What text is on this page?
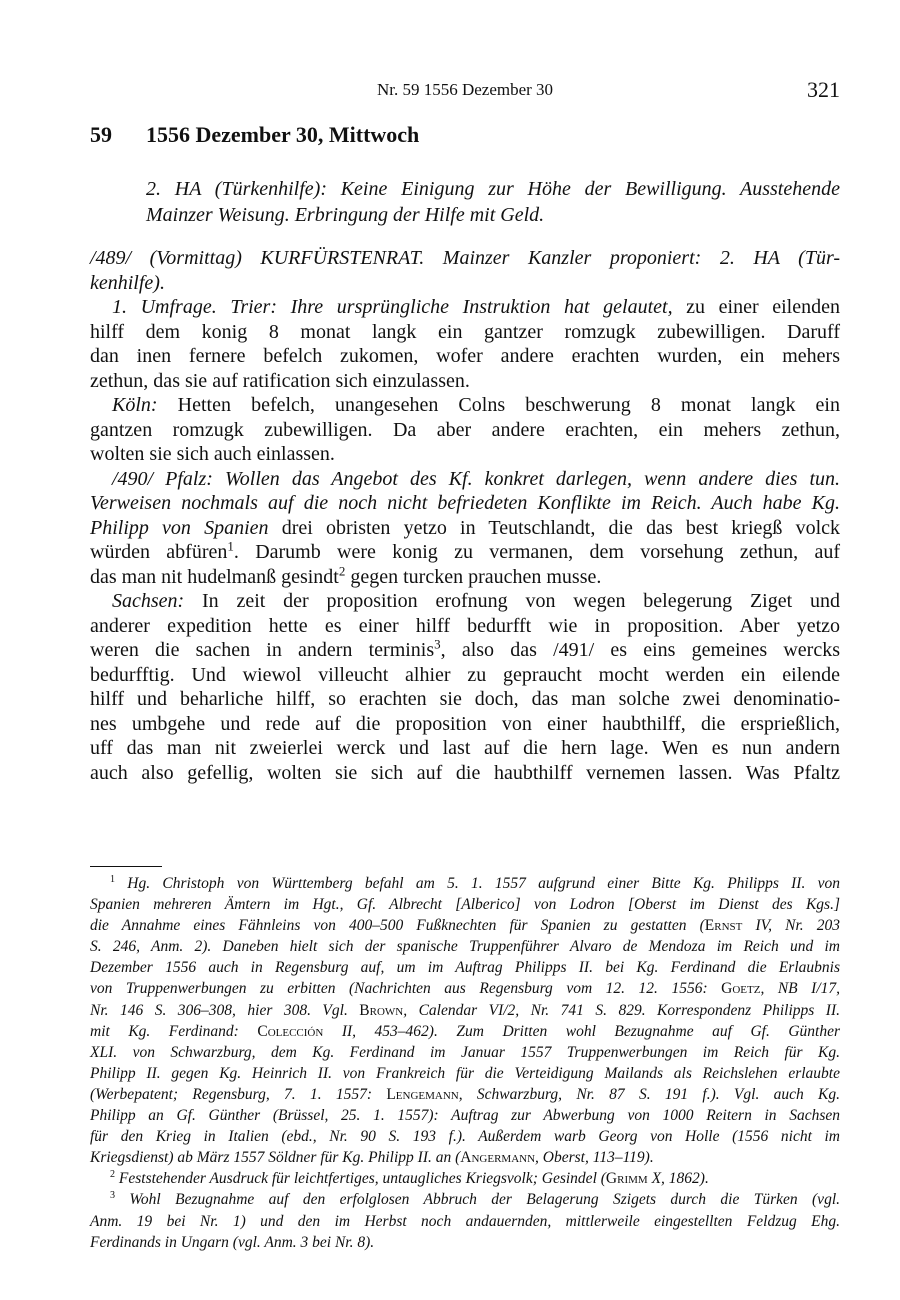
Nr. 59 1556 Dezember 30	321
59 1556 Dezember 30, Mittwoch
2. HA (Türkenhilfe): Keine Einigung zur Höhe der Bewilligung. Ausstehende
Mainzer Weisung. Erbringung der Hilfe mit Geld.
/489/ (Vormittag) KURFÜRSTENRAT. Mainzer Kanzler proponiert: 2. HA (Tür-
kenhilfe).
1. Umfrage. Trier: Ihre ursprüngliche Instruktion hat gelautet, zu einer eilenden
hilff dem konig 8 monat langk ein gantzer romzugk zubewilligen. Daruff
dan inen fernere befelch zukomen, wofer andere erachten wurden, ein mehers
zethun, das sie auf ratification sich einzulassen.
Köln: Hetten befelch, unangesehen Colns beschwerung 8 monat langk ein
gantzen romzugk zubewilligen. Da aber andere erachten, ein mehers zethun,
wolten sie sich auch einlassen.
/490/ Pfalz: Wollen das Angebot des Kf. konkret darlegen, wenn andere dies tun.
Verweisen nochmals auf die noch nicht befriedeten Konflikte im Reich. Auch habe Kg.
Philipp von Spanien drei obristen yetzo in Teutschlandt, die das best kriegß volck
würden abfüren$^1$. Darumb were konig zu vermanen, dem vorsehung zethun, auf
das man nit hudelmanß gesindt$^2$ gegen turcken prauchen musse.
Sachsen: In zeit der proposition erofnung von wegen belegerung Ziget und
anderer expedition hette es einer hilff bedurfft wie in proposition. Aber yetzo
weren die sachen in andern terminis$^3$, also das /491/ es eins gemeines wercks
bedurfftig. Und wiewol villeucht alhier zu gepraucht mocht werden ein eilende
hilff und beharliche hilff, so erachten sie doch, das man solche zwei denominatio-
nes umbgehe und rede auf die proposition von einer haubthilff, die ersprießlich,
uff das man nit zweierlei werck und last auf die hern lage. Wen es nun andern
auch also gefellig, wolten sie sich auf die haubthilff vernemen lassen. Was Pfaltz
$^1$ Hg. Christoph von Württemberg befahl am 5. 1. 1557 aufgrund einer Bitte Kg. Philipps II. von
Spanien mehreren Ämtern im Hgt., Gf. Albrecht [Alberico] von Lodron [Oberst im Dienst des Kgs.]
die Annahme eines Fähnleins von 400–500 Fußknechten für Spanien zu gestatten (Ernst IV, Nr. 203
S. 246, Anm. 2). Daneben hielt sich der spanische Truppenführer Alvaro de Mendoza im Reich und im
Dezember 1556 auch in Regensburg auf, um im Auftrag Philipps II. bei Kg. Ferdinand die Erlaubnis
von Truppenwerbungen zu erbitten (Nachrichten aus Regensburg vom 12. 12. 1556: Goetz, NB I/17,
Nr. 146 S. 306–308, hier 308. Vgl. Brown, Calendar VI/2, Nr. 741 S. 829. Korrespondenz Philipps II.
mit Kg. Ferdinand: Colección II, 453–462). Zum Dritten wohl Bezugnahme auf Gf. Günther
XLI. von Schwarzburg, dem Kg. Ferdinand im Januar 1557 Truppenwerbungen im Reich für Kg.
Philipp II. gegen Kg. Heinrich II. von Frankreich für die Verteidigung Mailands als Reichslehen erlaubte
(Werbepatent; Regensburg, 7. 1. 1557: Lengemann, Schwarzburg, Nr. 87 S. 191 f.). Vgl. auch Kg.
Philipp an Gf. Günther (Brüssel, 25. 1. 1557): Auftrag zur Abwerbung von 1000 Reitern in Sachsen
für den Krieg in Italien (ebd., Nr. 90 S. 193 f.). Außerdem warb Georg von Holle (1556 nicht im
Kriegsdienst) ab März 1557 Söldner für Kg. Philipp II. an (Angermann, Oberst, 113–119).
$^2$ Feststehender Ausdruck für leichtfertiges, untaugliches Kriegsvolk; Gesindel (Grimm X, 1862).
$^3$ Wohl Bezugnahme auf den erfolglosen Abbruch der Belagerung Szigets durch die Türken (vgl.
Anm. 19 bei Nr. 1) und den im Herbst noch andauernden, mittlerweile eingestellten Feldzug Ehg.
Ferdinands in Ungarn (vgl. Anm. 3 bei Nr. 8).
